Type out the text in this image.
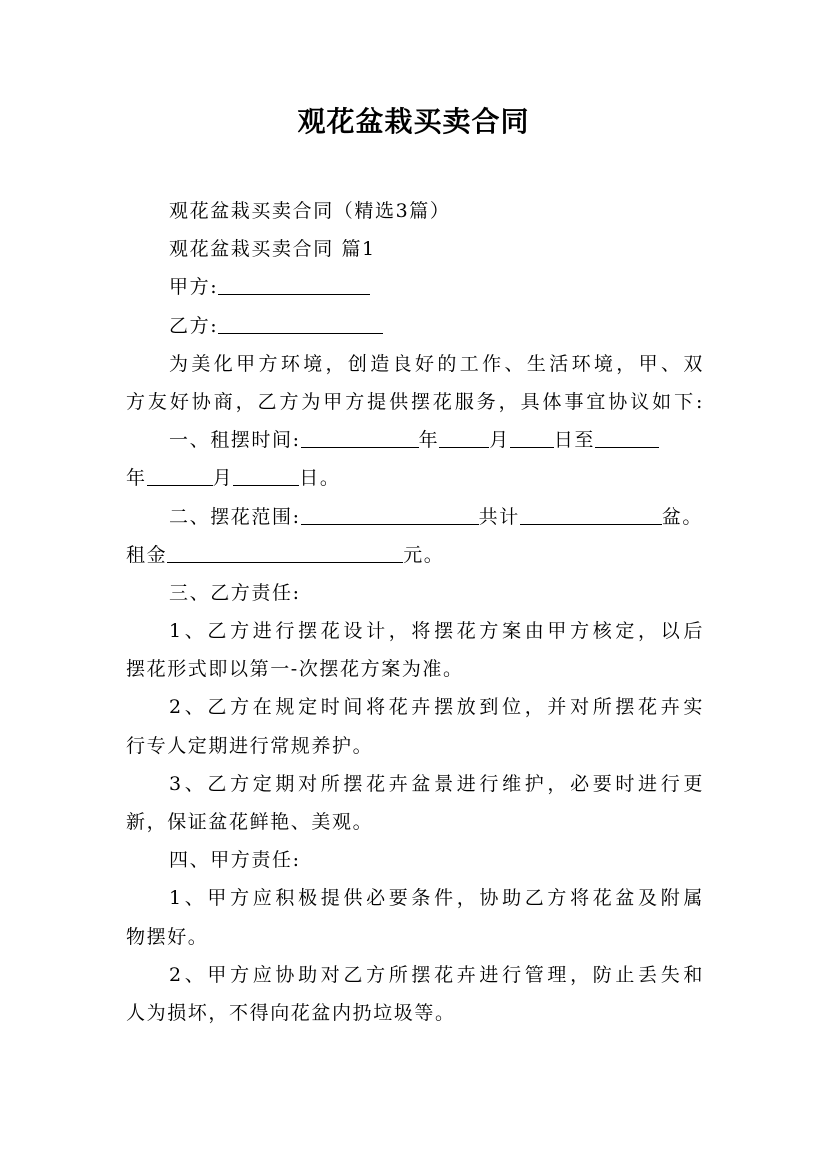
观花盆栽买卖合同
观花盆栽买卖合同（精选3篇）
观花盆栽买卖合同 篇1
甲方:
乙方:
为美化甲方环境，创造良好的工作、生活环境，甲、双
方友好协商，乙方为甲方提供摆花服务，具体事宜协议如下:
一、租摆时间:	年	月 日至
年	月	日。
二、摆花范围:	共计	盆。
租金	元。
三、乙方责任:
1、乙方进行摆花设计，将摆花方案由甲方核定，以后
摆花形式即以第一-次摆花方案为准。
2、乙方在规定时间将花卉摆放到位，并对所摆花卉实
行专人定期进行常规养护。
3、乙方定期对所摆花卉盆景进行维护，必要时进行更
新，保证盆花鲜艳、美观。
四、甲方责任:
1、甲方应积极提供必要条件，协助乙方将花盆及附属
物摆好。
2、甲方应协助对乙方所摆花卉进行管理，防止丢失和
人为损坏，不得向花盆内扔垃圾等。
